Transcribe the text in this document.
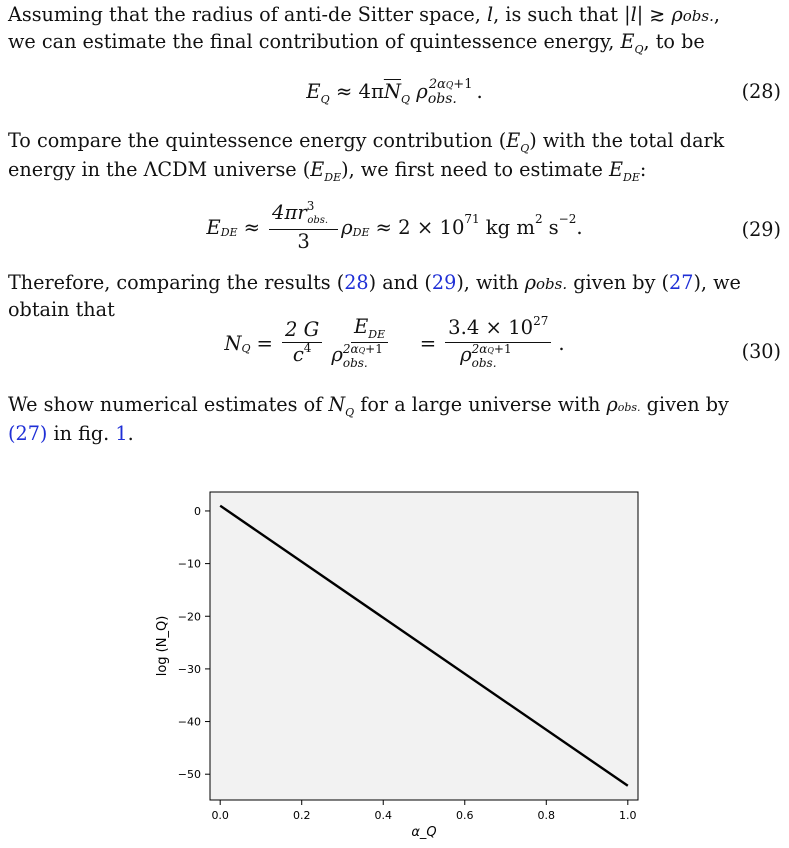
Assuming that the radius of anti-de Sitter space, l, is such that |l| ≳ ρobs.,
we can estimate the final contribution of quintessence energy, $E_Q$, to be
$E_Q \approx 4\pi\overline{N}_Q$ $\rho_{obs.}^{2\alpha Q+1}$ .	(28)
To compare the quintessence energy contribution $(E_Q)$ with the total dark
energy in the ΛCDM universe $(E_{DE})$, we first need to estimate $E_{DE}$:
E DE ≈ $\frac{4\pi r^3_{obs.}}{3}$ ρ DE ≈ 2 × 10 71 kg m 2 s −2 .	(29)
Therefore, comparing the results (28) and (29), with ρobs. given by (27), we
obtain that
N $Q = \frac{2 G}{c^4} \frac{E_{DE}}{\rho^{2\alpha Q+1}_{obs.}} = \frac{3.4 \times 10^{27}}{\rho^{2\alpha Q+1}_{obs.}}$ .	(30)
We show numerical estimates of $N_Q$ for a large universe with ρobs. given by
(27) in fig. 1.
0.0	0.2	0.4	0.6	0.8	1.0
0
−10
−20
−30
−40
−50
α_Q
log (N_Q)
